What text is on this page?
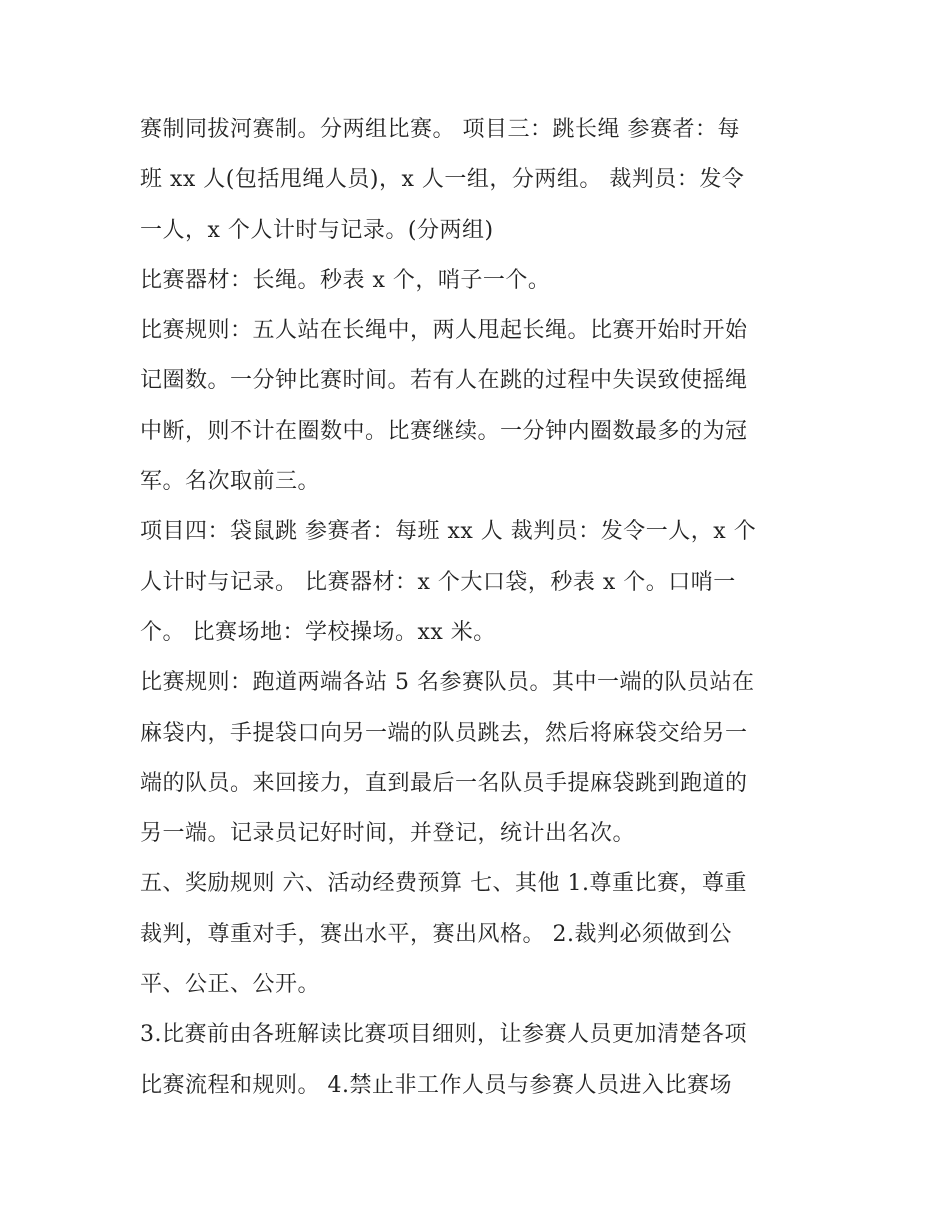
赛制同拔河赛制。分两组比赛。 项目三：跳长绳 参赛者：每
班 xx 人(包括甩绳人员)，x 人一组，分两组。 裁判员：发令
一人，x 个人计时与记录。(分两组)
比赛器材：长绳。秒表 x 个，哨子一个。
比赛规则：五人站在长绳中，两人甩起长绳。比赛开始时开始
记圈数。一分钟比赛时间。若有人在跳的过程中失误致使摇绳
中断，则不计在圈数中。比赛继续。一分钟内圈数最多的为冠
军。名次取前三。
项目四：袋鼠跳 参赛者：每班 xx 人 裁判员：发令一人，x 个
人计时与记录。 比赛器材：x 个大口袋，秒表 x 个。口哨一
个。 比赛场地：学校操场。xx 米。
比赛规则：跑道两端各站 5 名参赛队员。其中一端的队员站在
麻袋内，手提袋口向另一端的队员跳去，然后将麻袋交给另一
端的队员。来回接力，直到最后一名队员手提麻袋跳到跑道的
另一端。记录员记好时间，并登记，统计出名次。
五、奖励规则 六、活动经费预算 七、其他 1.尊重比赛，尊重
裁判，尊重对手，赛出水平，赛出风格。 2.裁判必须做到公
平、公正、公开。
3.比赛前由各班解读比赛项目细则，让参赛人员更加清楚各项
比赛流程和规则。 4.禁止非工作人员与参赛人员进入比赛场
